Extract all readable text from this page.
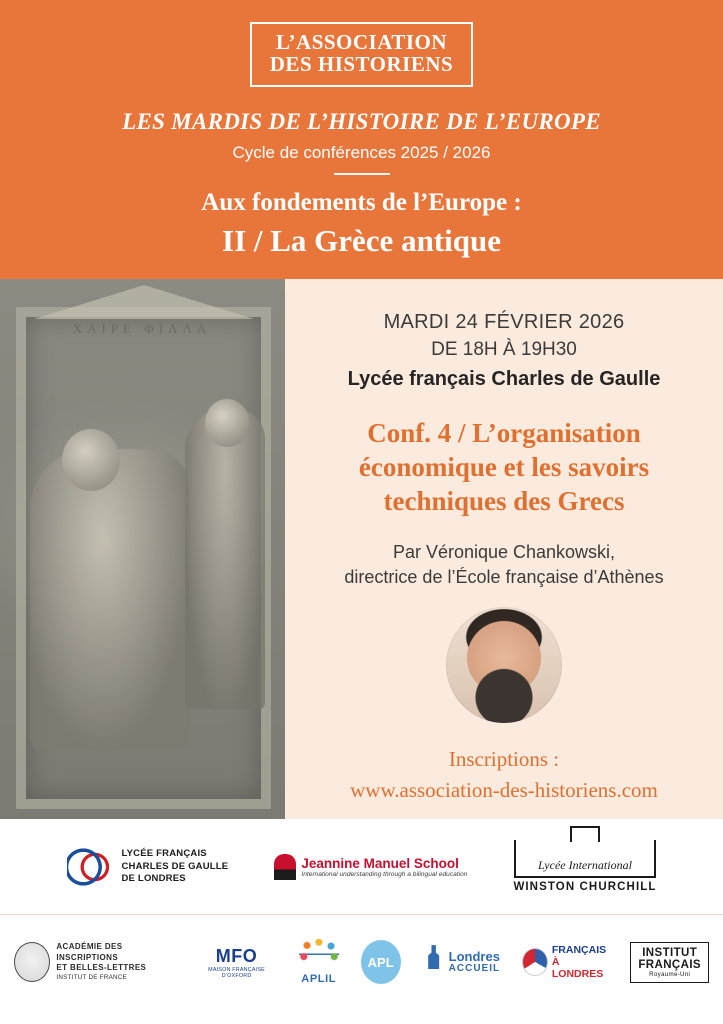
L’ASSOCIATION
DES HISTORIENS
LES MARDIS DE L’HISTOIRE DE L’EUROPE
Cycle de conférences 2025 / 2026
Aux fondements de l’Europe :
II / La Grèce antique
ΧΑΙΡΕ ΦΙΛΛΑ	MARDI 24 FÉVRIER 2026
DE 18H À 19H30
Lycée français Charles de Gaulle
Conf. 4 / L’organisation économique et les savoirs techniques des Grecs
Par Véronique Chankowski,
directrice de l’École française d’Athènes
Inscriptions :
www.association-des-historiens.com
LYCÉE FRANÇAIS
CHARLES DE GAULLE
DE LONDRES
Jeannine Manuel School
International understanding through a bilingual education
Lycée International
WINSTON CHURCHILL
ACADÉMIE DES INSCRIPTIONS
ET BELLES-LETTRES
INSTITUT DE FRANCE
MFO
MAISON FRANÇAISE D’OXFORD	APLIL
APL	Londres
ACCUEIL
FRANÇAIS
À LONDRES
INSTITUT
FRANÇAIS
Royaume-Uni
